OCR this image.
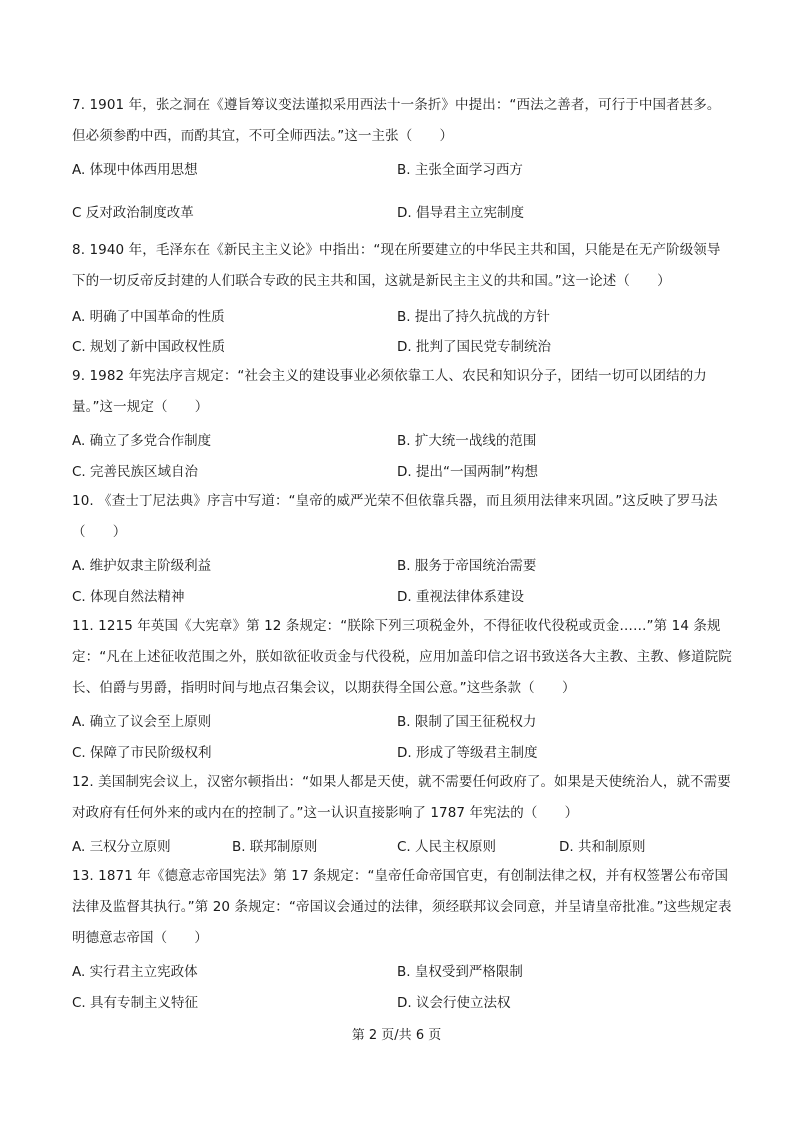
7. 1901 年，张之洞在《遵旨筹议变法谨拟采用西法十一条折》中提出：“西法之善者，可行于中国者甚多。但必须参酌中西，而酌其宜，不可全师西法。”这一主张（　　）
A. 体现中体西用思想	B. 主张全面学习西方
C 反对政治制度改革	D. 倡导君主立宪制度
8. 1940 年，毛泽东在《新民主主义论》中指出：“现在所要建立的中华民主共和国，只能是在无产阶级领导下的一切反帝反封建的人们联合专政的民主共和国，这就是新民主主义的共和国。”这一论述（　　）
A. 明确了中国革命的性质	B. 提出了持久抗战的方针
C. 规划了新中国政权性质	D. 批判了国民党专制统治
9. 1982 年宪法序言规定：“社会主义的建设事业必须依靠工人、农民和知识分子，团结一切可以团结的力量。”这一规定（　　）
A. 确立了多党合作制度	B. 扩大统一战线的范围
C. 完善民族区域自治	D. 提出“一国两制”构想
10. 《查士丁尼法典》序言中写道：“皇帝的威严光荣不但依靠兵器，而且须用法律来巩固。”这反映了罗马法（　　）
A. 维护奴隶主阶级利益	B. 服务于帝国统治需要
C. 体现自然法精神	D. 重视法律体系建设
11. 1215 年英国《大宪章》第 12 条规定：“朕除下列三项税金外，不得征收代役税或贡金……”第 14 条规定：“凡在上述征收范围之外，朕如欲征收贡金与代役税，应用加盖印信之诏书致送各大主教、主教、修道院院长、伯爵与男爵，指明时间与地点召集会议，以期获得全国公意。”这些条款（　　）
A. 确立了议会至上原则	B. 限制了国王征税权力
C. 保障了市民阶级权利	D. 形成了等级君主制度
12. 美国制宪会议上，汉密尔顿指出：“如果人都是天使，就不需要任何政府了。如果是天使统治人，就不需要对政府有任何外来的或内在的控制了。”这一认识直接影响了 1787 年宪法的（　　）
A. 三权分立原则	B. 联邦制原则	C. 人民主权原则	D. 共和制原则
13. 1871 年《德意志帝国宪法》第 17 条规定：“皇帝任命帝国官吏，有创制法律之权，并有权签署公布帝国法律及监督其执行。”第 20 条规定：“帝国议会通过的法律，须经联邦议会同意，并呈请皇帝批准。”这些规定表明德意志帝国（　　）
A. 实行君主立宪政体	B. 皇权受到严格限制
C. 具有专制主义特征	D. 议会行使立法权
第 2 页/共 6 页
